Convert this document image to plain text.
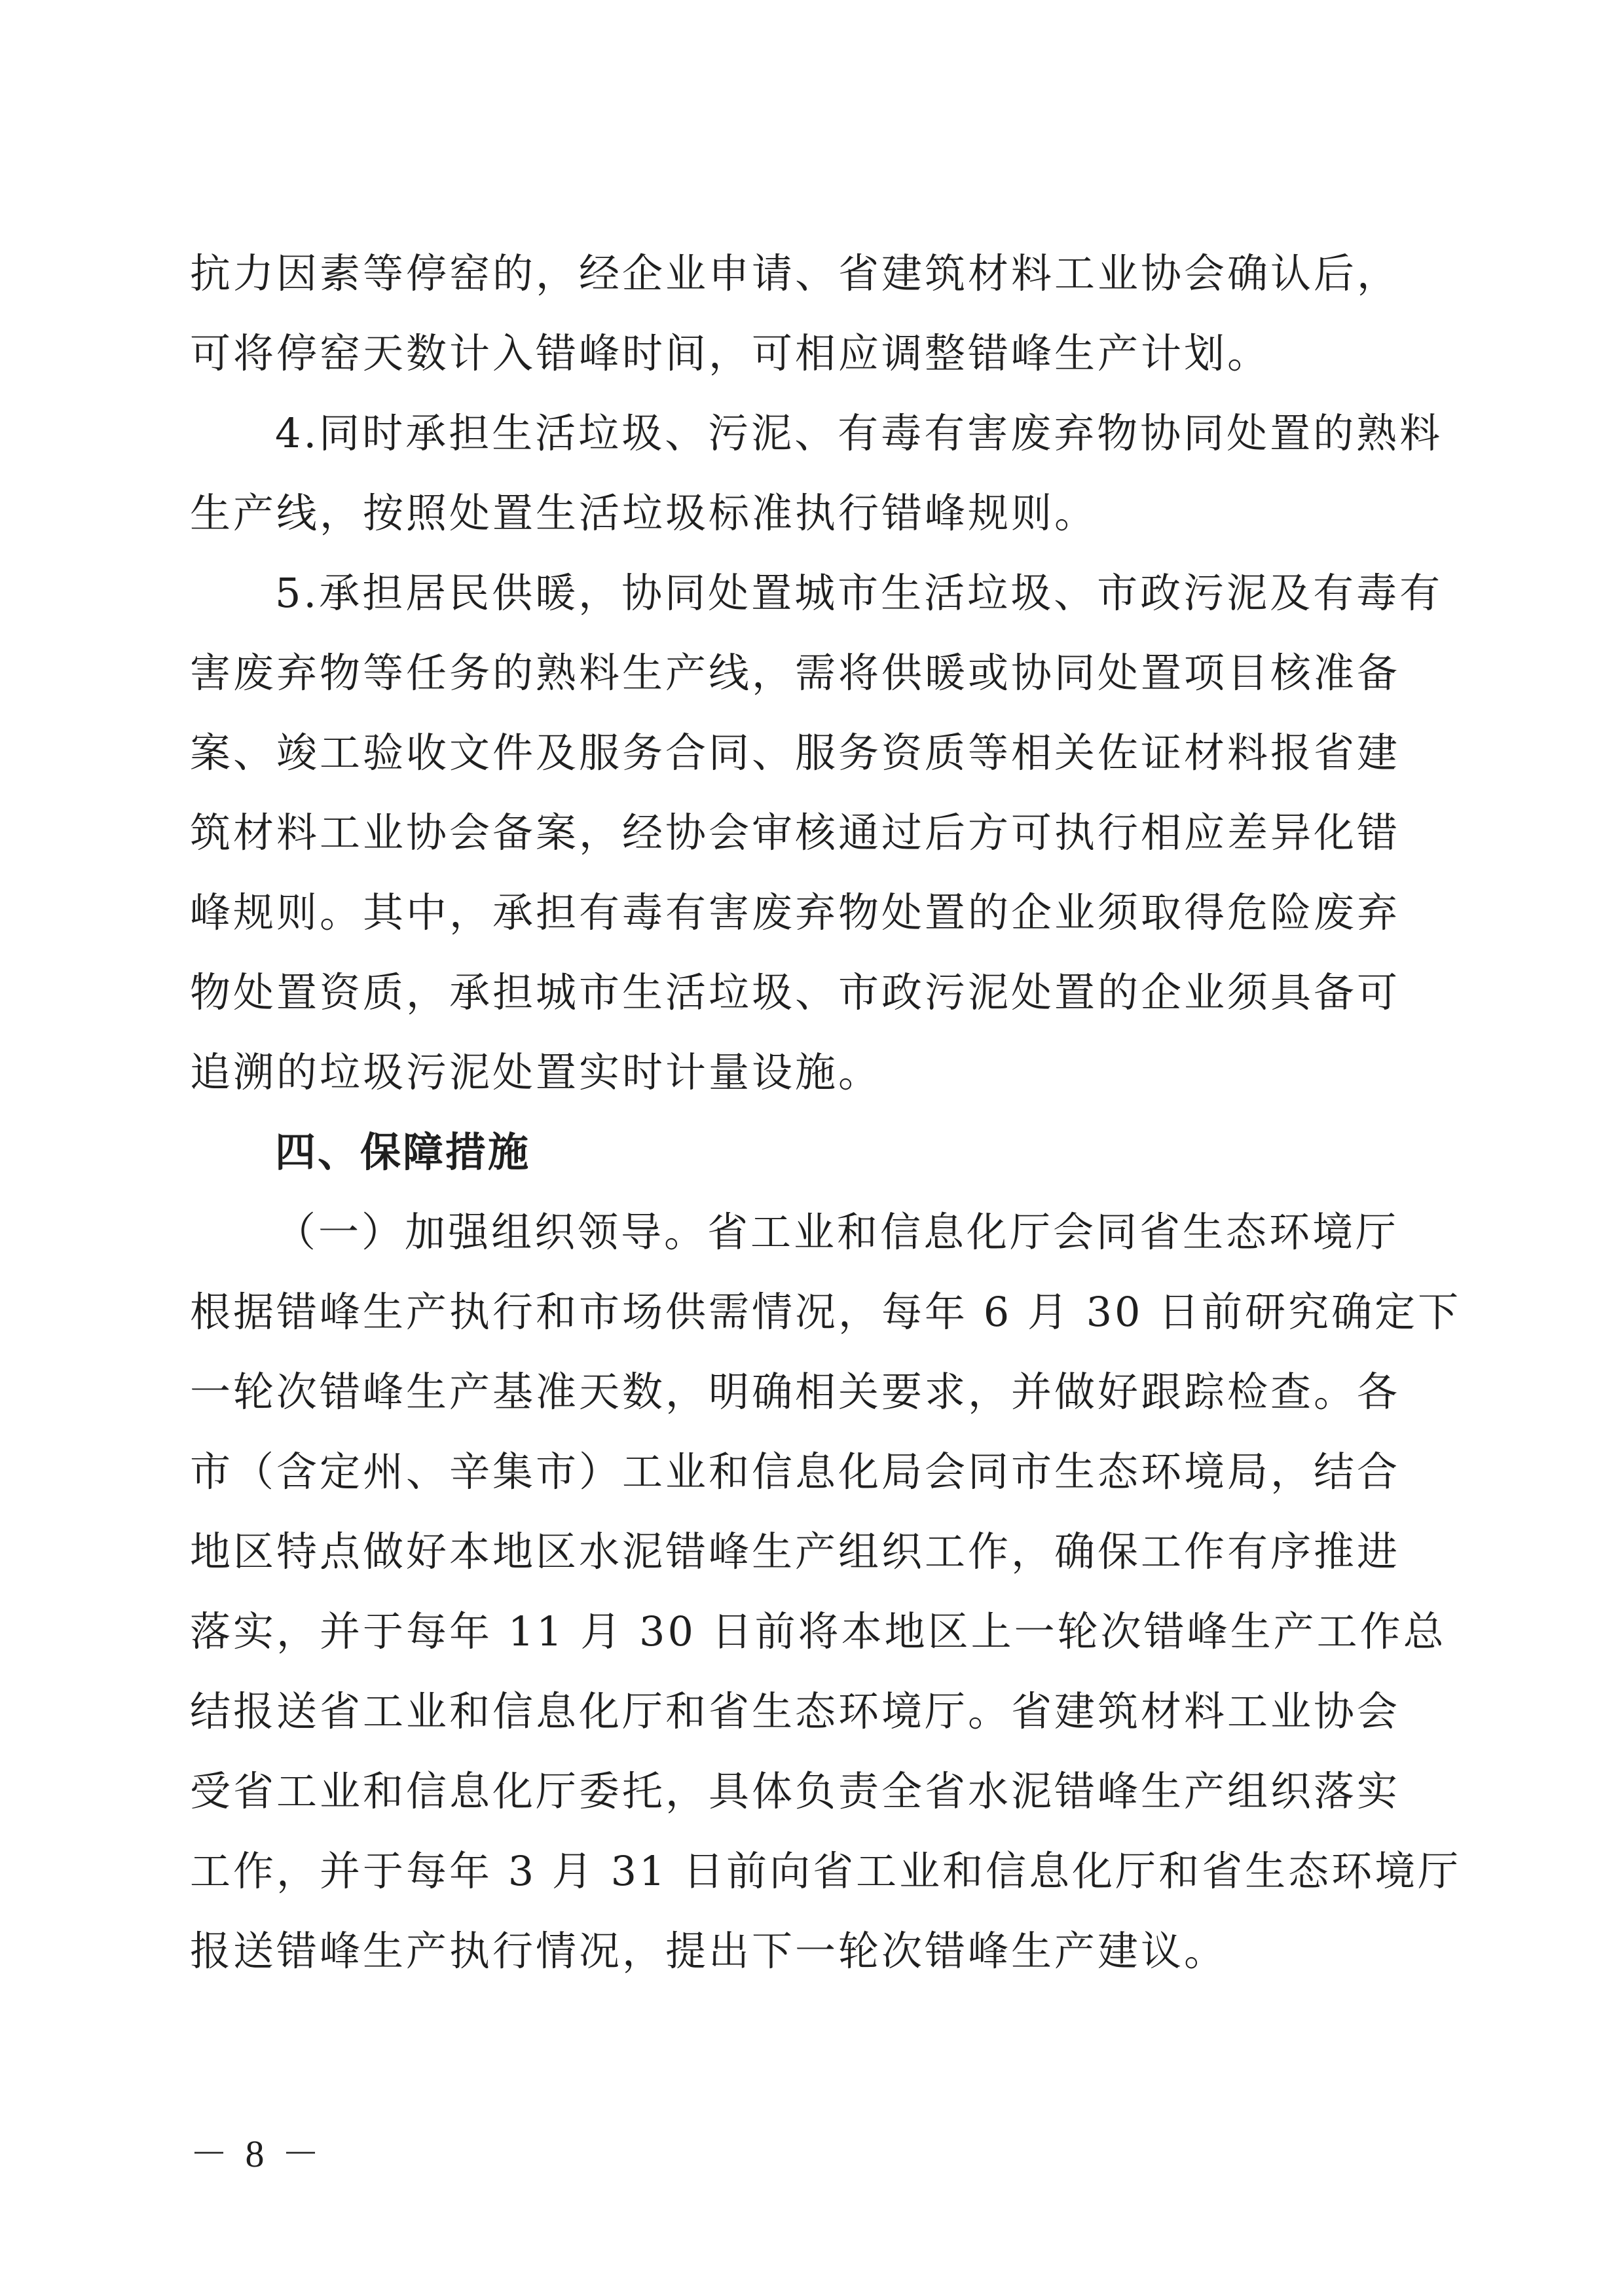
抗力因素等停窑的，经企业申请、省建筑材料工业协会确认后，
可将停窑天数计入错峰时间，可相应调整错峰生产计划。
4.同时承担生活垃圾、污泥、有毒有害废弃物协同处置的熟料
生产线，按照处置生活垃圾标准执行错峰规则。
5.承担居民供暖，协同处置城市生活垃圾、市政污泥及有毒有
害废弃物等任务的熟料生产线，需将供暖或协同处置项目核准备
案、竣工验收文件及服务合同、服务资质等相关佐证材料报省建
筑材料工业协会备案，经协会审核通过后方可执行相应差异化错
峰规则。其中，承担有毒有害废弃物处置的企业须取得危险废弃
物处置资质，承担城市生活垃圾、市政污泥处置的企业须具备可
追溯的垃圾污泥处置实时计量设施。
四、保障措施
（一）加强组织领导。省工业和信息化厅会同省生态环境厅
根据错峰生产执行和市场供需情况，每年 6 月 30 日前研究确定下
一轮次错峰生产基准天数，明确相关要求，并做好跟踪检查。各
市（含定州、辛集市）工业和信息化局会同市生态环境局，结合
地区特点做好本地区水泥错峰生产组织工作，确保工作有序推进
落实，并于每年 11 月 30 日前将本地区上一轮次错峰生产工作总
结报送省工业和信息化厅和省生态环境厅。省建筑材料工业协会
受省工业和信息化厅委托，具体负责全省水泥错峰生产组织落实
工作，并于每年 3 月 31 日前向省工业和信息化厅和省生态环境厅
报送错峰生产执行情况，提出下一轮次错峰生产建议。
－ 8 －
